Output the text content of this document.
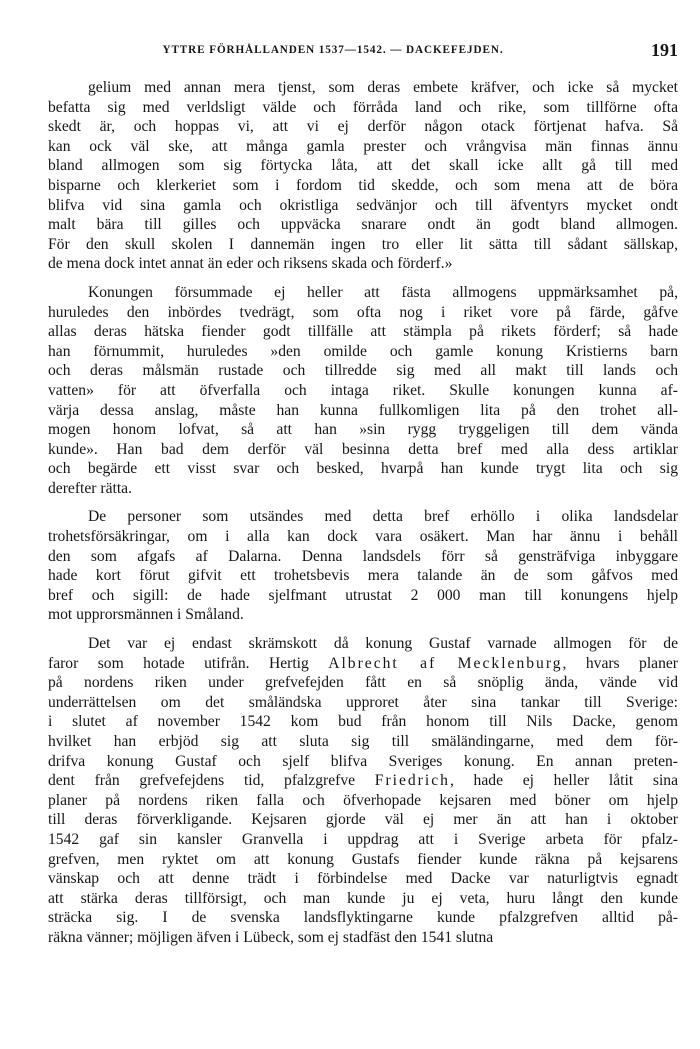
YTTRE FÖRHÅLLANDEN 1537—1542. — DACKEFEJDEN.	191

gelium med annan mera tjenst, som deras embete kräfver, och icke så mycket
befatta sig med verldsligt välde och förråda land och rike, som tillförne ofta
skedt är, och hoppas vi, att vi ej derför någon otack förtjenat hafva. Så
kan ock väl ske, att många gamla prester och vrångvisa män finnas ännu
bland allmogen som sig förtycka låta, att det skall icke allt gå till med
bisparne och klerkeriet som i fordom tid skedde, och som mena att de böra
blifva vid sina gamla och okristliga sedvänjor och till äfventyrs mycket ondt
malt bära till gilles och uppväcka snarare ondt än godt bland allmogen.
För den skull skolen I dannemän ingen tro eller lit sätta till sådant sällskap,
de mena dock intet annat än eder och riksens skada och förderf.»

Konungen försummade ej heller att fästa allmogens uppmärksamhet på,
huruledes den inbördes tvedrägt, som ofta nog i riket vore på färde, gåfve
allas deras hätska fiender godt tillfälle att stämpla på rikets förderf; så hade
han förnummit, huruledes »den omilde och gamle konung Kristierns barn
och deras målsmän rustade och tillredde sig med all makt till lands och
vatten» för att öfverfalla och intaga riket. Skulle konungen kunna af-
värja dessa anslag, måste han kunna fullkomligen lita på den trohet all-
mogen honom lofvat, så att han »sin rygg tryggeligen till dem vända
kunde». Han bad dem derför väl besinna detta bref med alla dess artiklar
och begärde ett visst svar och besked, hvarpå han kunde trygt lita och sig
derefter rätta.

De personer som utsändes med detta bref erhöllo i olika landsdelar
trohetsförsäkringar, om i alla kan dock vara osäkert. Man har ännu i behåll
den som afgafs af Dalarna. Denna landsdels förr så gensträfviga inbyggare
hade kort förut gifvit ett trohetsbevis mera talande än de som gåfvos med
bref och sigill: de hade sjelfmant utrustat 2 000 man till konungens hjelp
mot upprorsmännen i Småland.

Det var ej endast skrämskott då konung Gustaf varnade allmogen för de
faror som hotade utifrån. Hertig Albrecht af Mecklenburg, hvars planer
på nordens riken under grefvefejden fått en så snöplig ända, vände vid
underrättelsen om det småländska upproret åter sina tankar till Sverige:
i slutet af november 1542 kom bud från honom till Nils Dacke, genom
hvilket han erbjöd sig att sluta sig till smäländingarne, med dem för-
drifva konung Gustaf och sjelf blifva Sveriges konung. En annan preten-
dent från grefvefejdens tid, pfalzgrefve Friedrich, hade ej heller låtit sina
planer på nordens riken falla och öfverhopade kejsaren med böner om hjelp
till deras förverkligande. Kejsaren gjorde väl ej mer än att han i oktober
1542 gaf sin kansler Granvella i uppdrag att i Sverige arbeta för pfalz-
grefven, men ryktet om att konung Gustafs fiender kunde räkna på kejsarens
vänskap och att denne trädt i förbindelse med Dacke var naturligtvis egnadt
att stärka deras tillförsigt, och man kunde ju ej veta, huru långt den kunde
sträcka sig. I de svenska landsflyktingarne kunde pfalzgrefven alltid på-
räkna vänner; möjligen äfven i Lübeck, som ej stadfäst den 1541 slutna
